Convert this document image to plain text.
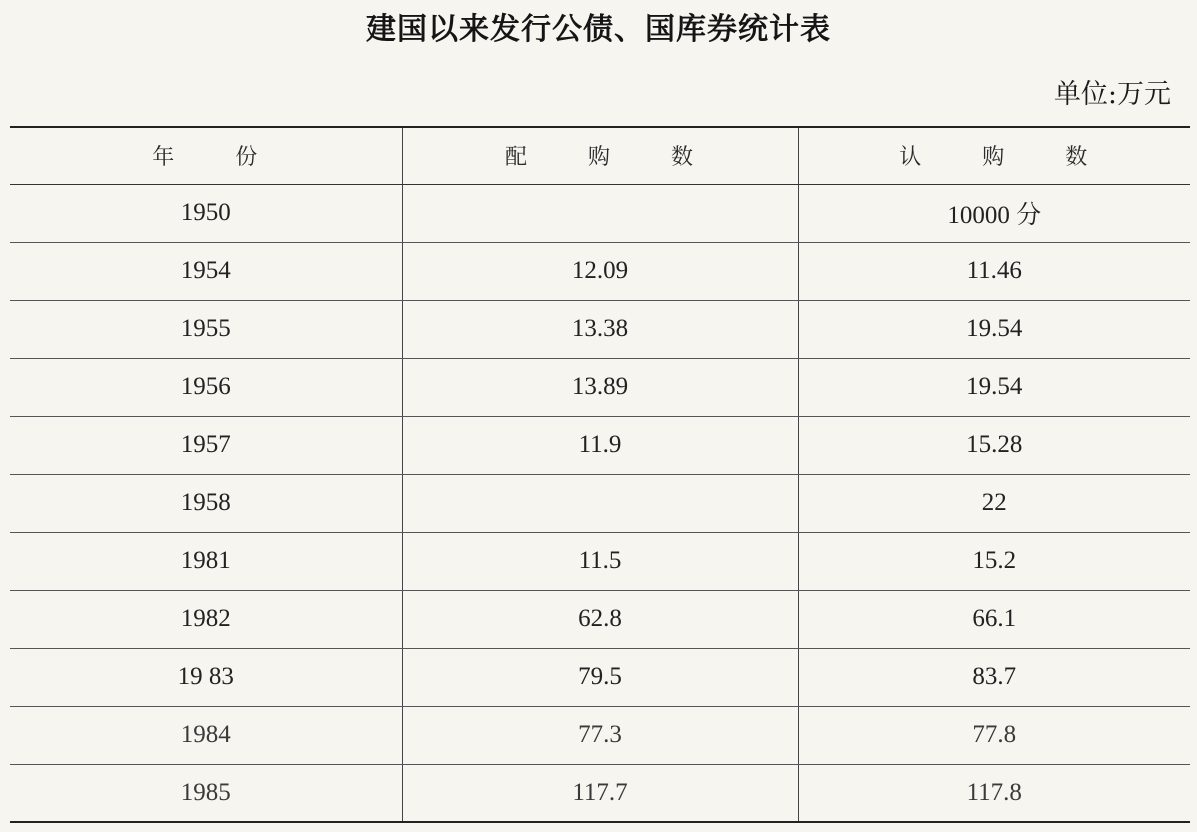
建国以来发行公债、国库券统计表
单位:万元
年 份	配 购 数	认 购 数
1950		10000 分
1954	12.09	11.46
1955	13.38	19.54
1956	13.89	19.54
1957	11.9	15.28
1958		22
1981	11.5	15.2
1982	62.8	66.1
19 83	79.5	83.7
1984	77.3	77.8
1985	117.7	117.8
